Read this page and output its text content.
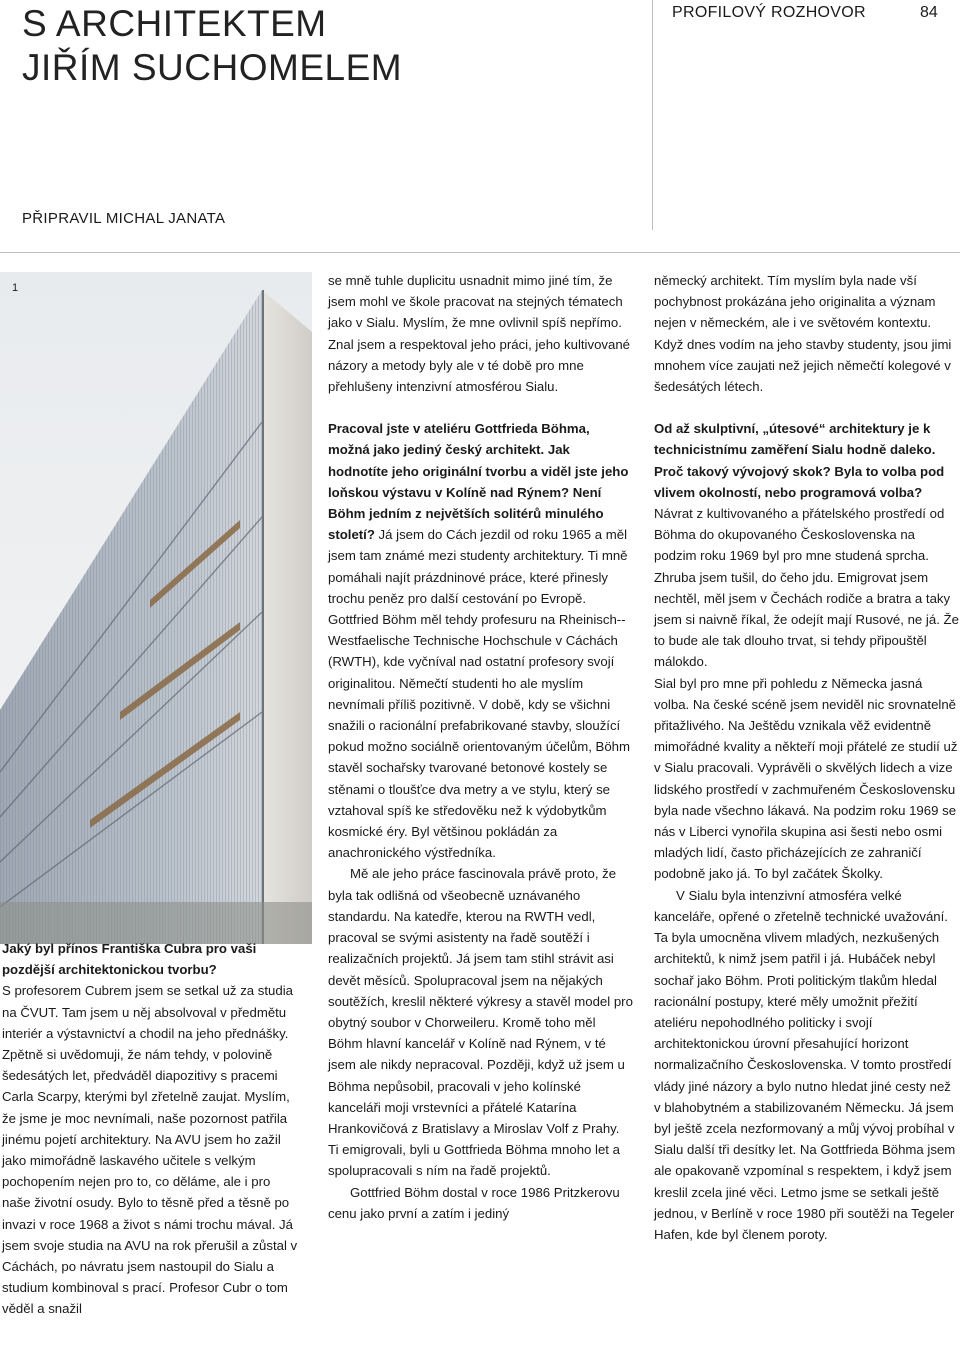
S ARCHITEKTEM
JIŘÍM SUCHOMELEM
PROFILOVÝ ROZHOVOR	84
PŘIPRAVIL MICHAL JANATA
1

Jaký byl přínos Františka Cubra pro vaši pozdější architektonickou tvorbu?

S profesorem Cubrem jsem se setkal už za studia na ČVUT. Tam jsem u něj absolvoval v předmětu interiér a výstavnictví a chodil na jeho přednášky. Zpětně si uvědomuji, že nám tehdy, v polovině šedesátých let, předváděl diapozitivy s pracemi Carla Scarpy, kterými byl zřetelně zaujat. Myslím, že jsme je moc nevnímali, naše pozornost patřila jinému pojetí architektury. Na AVU jsem ho zažil jako mimořádně laskavého učitele s velkým pochopením nejen pro to, co děláme, ale i pro naše životní osudy. Bylo to těsně před a těsně po invazi v roce 1968 a život s námi trochu mával. Já jsem svoje studia na AVU na rok přerušil a zůstal v Cáchách, po návratu jsem nastoupil do Sialu a studium kombinoval s prací. Profesor Cubr o tom věděl a snažil

se mně tuhle duplicitu usnadnit mimo jiné tím, že jsem mohl ve škole pracovat na stejných tématech jako v Sialu. Myslím, že mne ovlivnil spíš nepřímo. Znal jsem a respektoval jeho práci, jeho kultivované názory a metody byly ale v té době pro mne přehlušeny intenzivní atmosférou Sialu.

Pracoval jste v ateliéru Gottfrieda Böhma, možná jako jediný český architekt. Jak hodnotíte jeho originální tvorbu a viděl jste jeho loňskou výstavu v Kolíně nad Rýnem? Není Böhm jedním z největších solitérů minulého století? Já jsem do Cách jezdil od roku 1965 a měl jsem tam známé mezi studenty architektury. Ti mně pomáhali najít prázdninové práce, které přinesly trochu peněz pro další cestování po Evropě. Gottfried Böhm měl tehdy profesuru na Rheinisch--Westfaelische Technische Hochschule v Cáchách (RWTH), kde vyčníval nad ostatní profesory svojí originalitou. Němečtí studenti ho ale myslím nevnímali příliš pozitivně. V době, kdy se všichni snažili o racionální prefabrikované stavby, sloužící pokud možno sociálně orientovaným účelům, Böhm stavěl sochařsky tvarované betonové kostely se stěnami o tloušťce dva metry a ve stylu, který se vztahoval spíš ke středověku než k výdobytkům kosmické éry. Byl většinou pokládán za anachronického výstředníka.

Mě ale jeho práce fascinovala právě proto, že byla tak odlišná od všeobecně uznávaného standardu. Na katedře, kterou na RWTH vedl, pracoval se svými asistenty na řadě soutěží i realizačních projektů. Já jsem tam stihl strávit asi devět měsíců. Spolupracoval jsem na nějakých soutěžích, kreslil některé výkresy a stavěl model pro obytný soubor v Chorweileru. Kromě toho měl Böhm hlavní kancelář v Kolíně nad Rýnem, v té jsem ale nikdy nepracoval. Později, když už jsem u Böhma nepůsobil, pracovali v jeho kolínské kanceláři moji vrstevníci a přátelé Katarína Hrankovičová z Bratislavy a Miroslav Volf z Prahy. Ti emigrovali, byli u Gottfrieda Böhma mnoho let a spolupracovali s ním na řadě projektů.

Gottfried Böhm dostal v roce 1986 Pritzkerovu cenu jako první a zatím i jediný

německý architekt. Tím myslím byla nade vší pochybnost prokázána jeho originalita a význam nejen v německém, ale i ve světovém kontextu. Když dnes vodím na jeho stavby studenty, jsou jimi mnohem více zaujati než jejich němečtí kolegové v šedesátých létech.

Od až skulptivní, „útesové“ architektury je k technicistnímu zaměření Sialu hodně daleko. Proč takový vývojový skok? Byla to volba pod vlivem okolností, nebo programová volba? Návrat z kultivovaného a přátelského prostředí od Böhma do okupovaného Československa na podzim roku 1969 byl pro mne studená sprcha. Zhruba jsem tušil, do čeho jdu. Emigrovat jsem nechtěl, měl jsem v Čechách rodiče a bratra a taky jsem si naivně říkal, že odejít mají Rusové, ne já. Že to bude ale tak dlouho trvat, si tehdy připouštěl málokdo.

Sial byl pro mne při pohledu z Německa jasná volba. Na české scéně jsem neviděl nic srovnatelně přitažlivého. Na Ještědu vznikala věž evidentně mimořádné kvality a někteří moji přátelé ze studií už v Sialu pracovali. Vyprávěli o skvělých lidech a vize lidského prostředí v zachmuřeném Československu byla nade všechno lákavá. Na podzim roku 1969 se nás v Liberci vynořila skupina asi šesti nebo osmi mladých lidí, často přicházejících ze zahraničí podobně jako já. To byl začátek Školky.

V Sialu byla intenzivní atmosféra velké kanceláře, opřené o zřetelně technické uvažování. Ta byla umocněna vlivem mladých, nezkušených architektů, k nimž jsem patřil i já. Hubáček nebyl sochař jako Böhm. Proti politickým tlakům hledal racionální postupy, které měly umožnit přežití ateliéru nepohodlného politicky i svojí architektonickou úrovní přesahující horizont normalizačního Československa. V tomto prostředí vlády jiné názory a bylo nutno hledat jiné cesty než v blahobytném a stabilizovaném Německu. Já jsem byl ještě zcela nezformovaný a můj vývoj probíhal v Sialu další tři desítky let. Na Gottfrieda Böhma jsem ale opakovaně vzpomínal s respektem, i když jsem kreslil zcela jiné věci. Letmo jsme se setkali ještě jednou, v Berlíně v roce 1980 při soutěži na Tegeler Hafen, kde byl členem poroty.
